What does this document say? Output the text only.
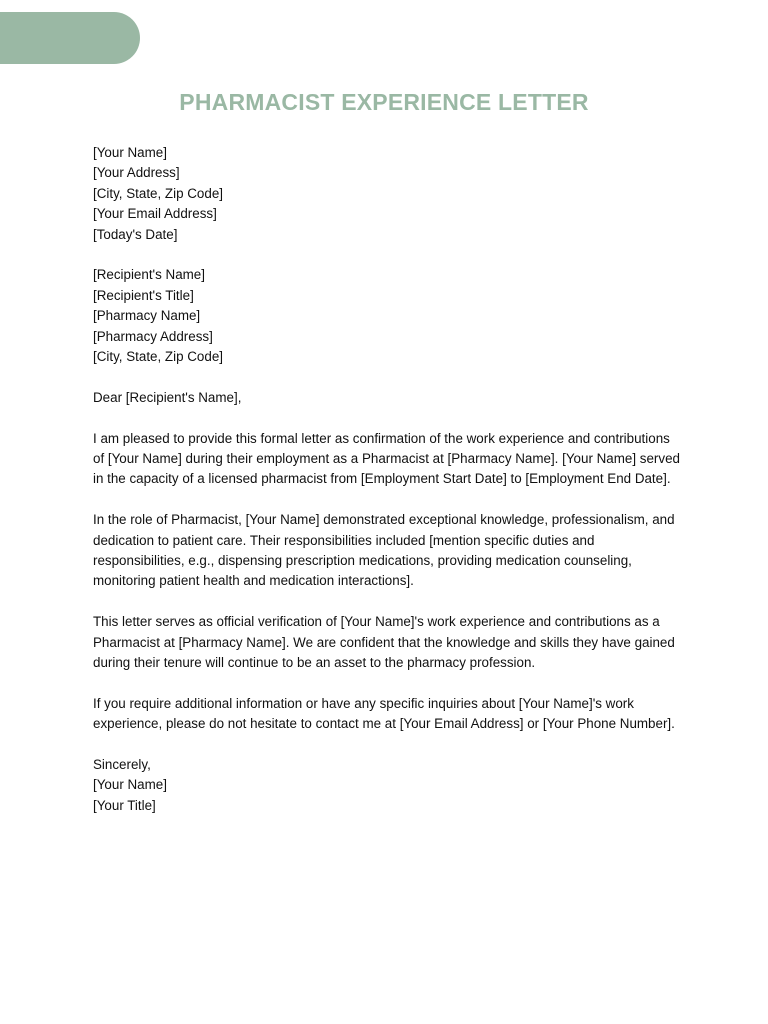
PHARMACIST EXPERIENCE LETTER
[Your Name]
[Your Address]
[City, State, Zip Code]
[Your Email Address]
[Today's Date]
[Recipient's Name]
[Recipient's Title]
[Pharmacy Name]
[Pharmacy Address]
[City, State, Zip Code]

Dear [Recipient's Name],

I am pleased to provide this formal letter as confirmation of the work experience and contributions of [Your Name] during their employment as a Pharmacist at [Pharmacy Name]. [Your Name] served in the capacity of a licensed pharmacist from [Employment Start Date] to [Employment End Date].

In the role of Pharmacist, [Your Name] demonstrated exceptional knowledge, professionalism, and dedication to patient care. Their responsibilities included [mention specific duties and responsibilities, e.g., dispensing prescription medications, providing medication counseling, monitoring patient health and medication interactions].

This letter serves as official verification of [Your Name]'s work experience and contributions as a Pharmacist at [Pharmacy Name]. We are confident that the knowledge and skills they have gained during their tenure will continue to be an asset to the pharmacy profession.

If you require additional information or have any specific inquiries about [Your Name]'s work experience, please do not hesitate to contact me at [Your Email Address] or [Your Phone Number].

Sincerely,
[Your Name]
[Your Title]
